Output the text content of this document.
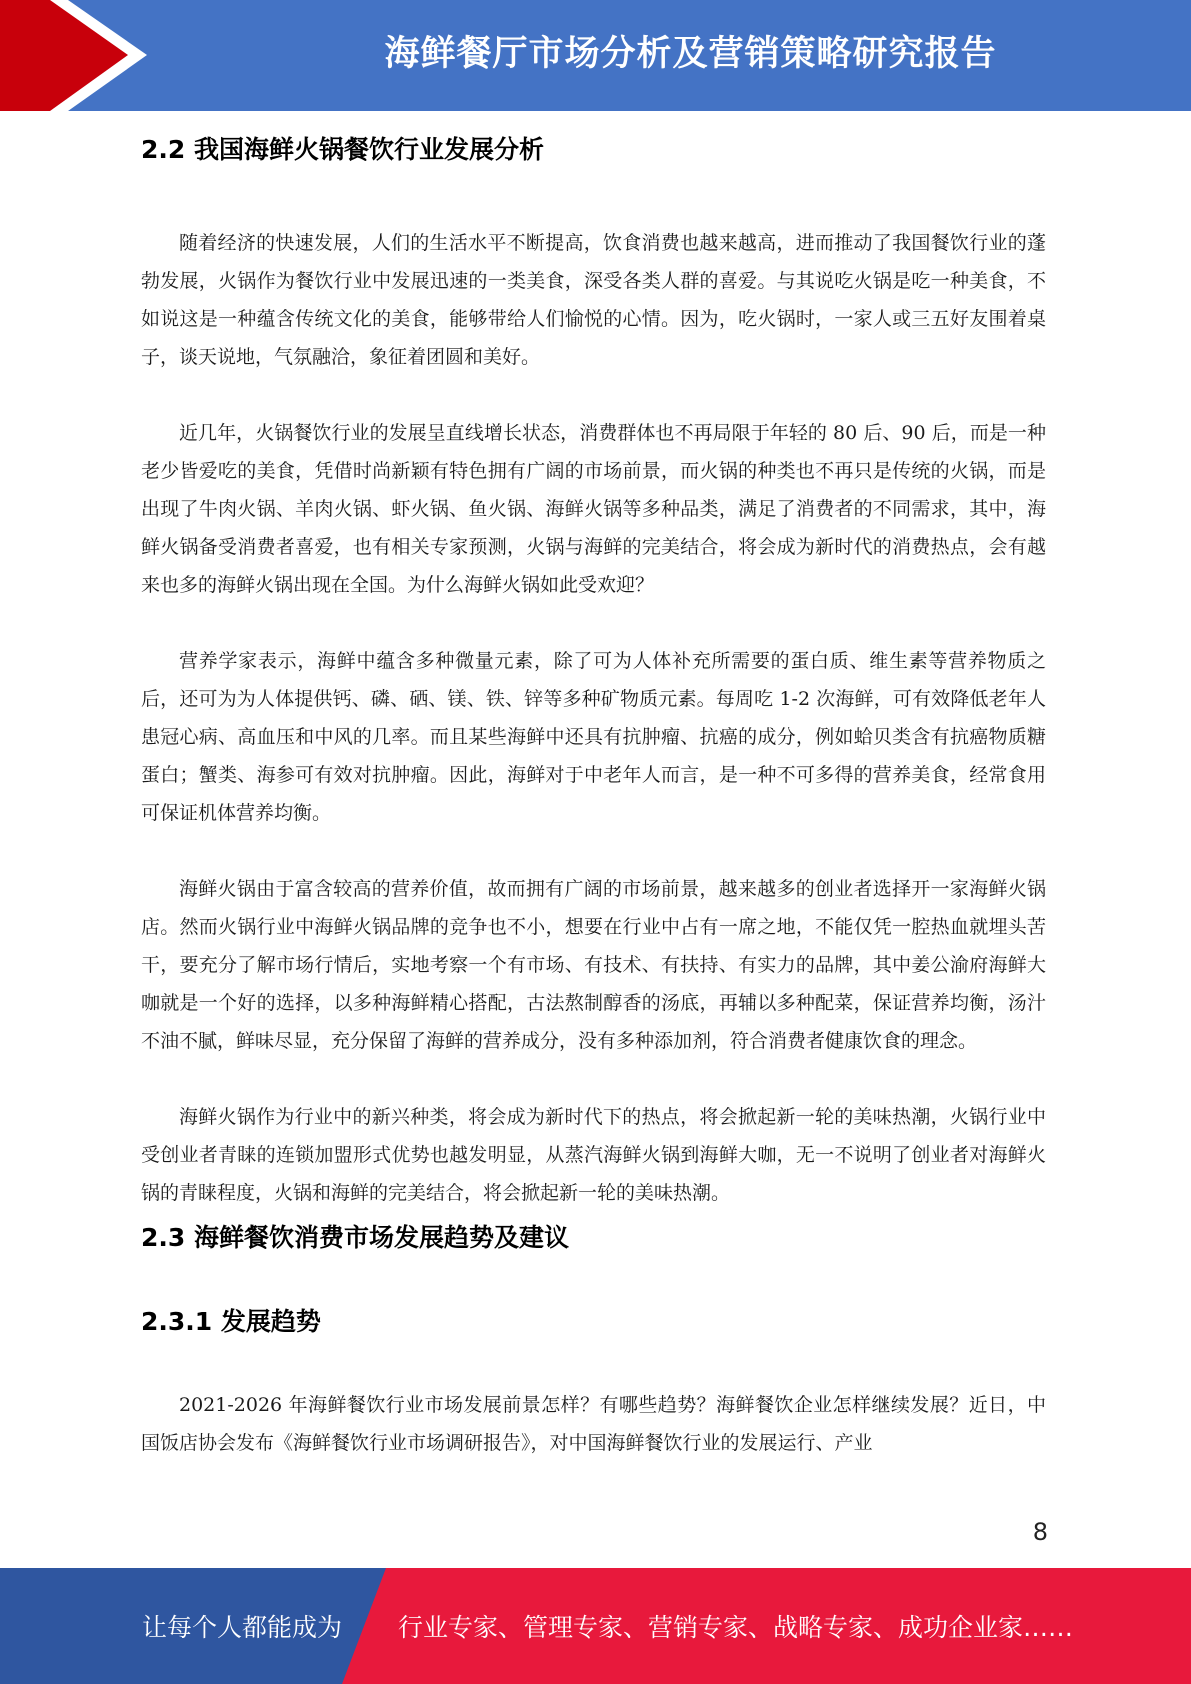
海鲜餐厅市场分析及营销策略研究报告
2.2 我国海鲜火锅餐饮行业发展分析

随着经济的快速发展，人们的生活水平不断提高，饮食消费也越来越高，进而推动了我国餐饮行业的蓬勃发展，火锅作为餐饮行业中发展迅速的一类美食，深受各类人群的喜爱。与其说吃火锅是吃一种美食，不如说这是一种蕴含传统文化的美食，能够带给人们愉悦的心情。因为，吃火锅时，一家人或三五好友围着桌子，谈天说地，气氛融洽，象征着团圆和美好。

近几年，火锅餐饮行业的发展呈直线增长状态，消费群体也不再局限于年轻的 80 后、90 后，而是一种老少皆爱吃的美食，凭借时尚新颖有特色拥有广阔的市场前景，而火锅的种类也不再只是传统的火锅，而是出现了牛肉火锅、羊肉火锅、虾火锅、鱼火锅、海鲜火锅等多种品类，满足了消费者的不同需求，其中，海鲜火锅备受消费者喜爱，也有相关专家预测，火锅与海鲜的完美结合，将会成为新时代的消费热点，会有越来也多的海鲜火锅出现在全国。为什么海鲜火锅如此受欢迎？

营养学家表示，海鲜中蕴含多种微量元素，除了可为人体补充所需要的蛋白质、维生素等营养物质之后，还可为为人体提供钙、磷、硒、镁、铁、锌等多种矿物质元素。每周吃 1-2 次海鲜，可有效降低老年人患冠心病、高血压和中风的几率。而且某些海鲜中还具有抗肿瘤、抗癌的成分，例如蛤贝类含有抗癌物质糖蛋白；蟹类、海参可有效对抗肿瘤。因此，海鲜对于中老年人而言，是一种不可多得的营养美食，经常食用可保证机体营养均衡。

海鲜火锅由于富含较高的营养价值，故而拥有广阔的市场前景，越来越多的创业者选择开一家海鲜火锅店。然而火锅行业中海鲜火锅品牌的竞争也不小，想要在行业中占有一席之地，不能仅凭一腔热血就埋头苦干，要充分了解市场行情后，实地考察一个有市场、有技术、有扶持、有实力的品牌，其中姜公渝府海鲜大咖就是一个好的选择，以多种海鲜精心搭配，古法熬制醇香的汤底，再辅以多种配菜，保证营养均衡，汤汁不油不腻，鲜味尽显，充分保留了海鲜的营养成分，没有多种添加剂，符合消费者健康饮食的理念。

海鲜火锅作为行业中的新兴种类，将会成为新时代下的热点，将会掀起新一轮的美味热潮，火锅行业中受创业者青睐的连锁加盟形式优势也越发明显，从蒸汽海鲜火锅到海鲜大咖，无一不说明了创业者对海鲜火锅的青睐程度，火锅和海鲜的完美结合，将会掀起新一轮的美味热潮。

2.3 海鲜餐饮消费市场发展趋势及建议
2.3.1 发展趋势

2021-2026 年海鲜餐饮行业市场发展前景怎样？有哪些趋势？海鲜餐饮企业怎样继续发展？近日，中国饭店协会发布《海鲜餐饮行业市场调研报告》，对中国海鲜餐饮行业的发展运行、产业

8
让每个人都能成为 行业专家、管理专家、营销专家、战略专家、成功企业家……
